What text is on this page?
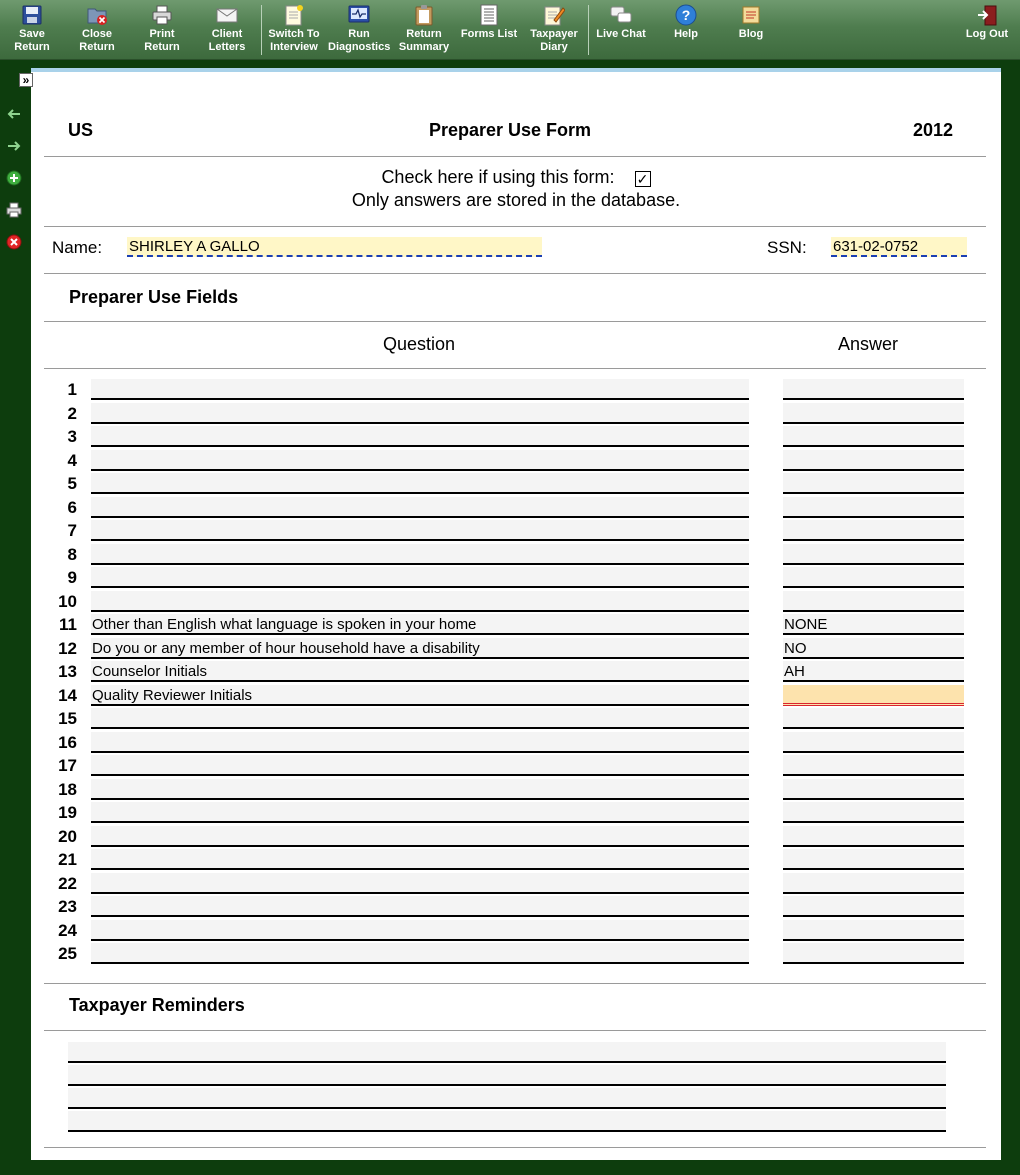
Save
Return
Close
Return
Print
Return
Client
Letters
Switch To
Interview
Run
Diagnostics
Return
Summary
Forms List	Taxpayer
Diary
Live Chat
?
Help	Blog	Log Out
»
US	Preparer Use Form	2012
Check here if using this form: ✓
Only answers are stored in the database.
Name: SHIRLEY A GALLO	SSN: 631-02-0752
Preparer Use Fields
Question	Answer
1
2
3
4
5
6
7
8
9
10
11 Other than English what language is spoken in your home	NONE
12 Do you or any member of hour household have a disability	NO
13 Counselor Initials	AH
14 Quality Reviewer Initials
15
16
17
18
19
20
21
22
23
24
25
Taxpayer Reminders
